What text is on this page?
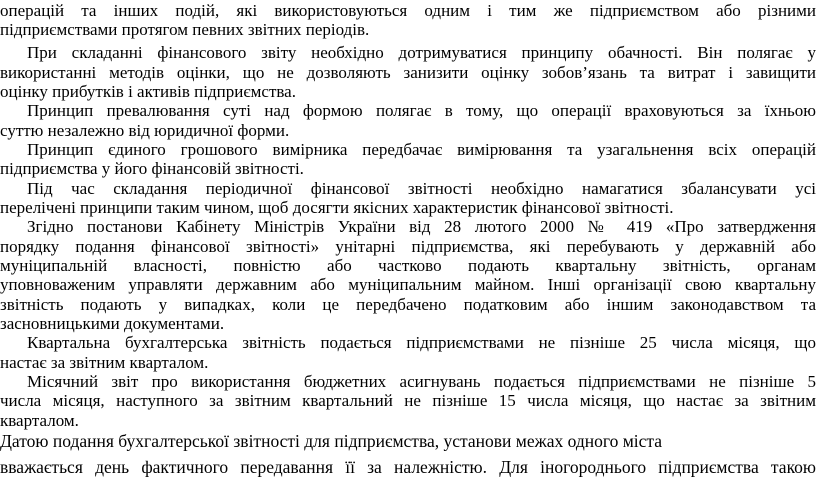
операцій та інших подій, які використовуються одним і тим же підприємством або різними
підприємствами протягом певних звітних періодів.
При складанні фінансового звіту необхідно дотримуватися принципу обачності. Він полягає у
використанні методів оцінки, що не дозволяють занизити оцінку зобов’язань та витрат і завищити
оцінку прибутків і активів підприємства.
Принцип превалювання суті над формою полягає в тому, що операції враховуються за їхньою
суттю незалежно від юридичної форми.
Принцип єдиного грошового вимірника передбачає вимірювання та узагальнення всіх операцій
підприємства у його фінансовій звітності.
Під час складання періодичної фінансової звітності необхідно намагатися збалансувати усі
перелічені принципи таким чином, щоб досягти якісних характеристик фінансової звітності.
Згідно постанови Кабінету Міністрів України від 28 лютого 2000 № 419 «Про затвердження
порядку подання фінансової звітності» унітарні підприємства, які перебувають у державній або
муніципальній власності, повністю або частково подають квартальну звітність, органам
уповноваженим управляти державним або муніципальним майном. Інші організації свою квартальну
звітність подають у випадках, коли це передбачено податковим або іншим законодавством та
засновницькими документами.
Квартальна бухгалтерська звітність подається підприємствами не пізніше 25 числа місяця, що
настає за звітним кварталом.
Місячний звіт про використання бюджетних асигнувань подається підприємствами не пізніше 5
числа місяця, наступного за звітним квартальний не пізніше 15 числа місяця, що настає за звітним
кварталом.
Датою подання бухгалтерської звітності для підприємства, установи межах одного міста
вважається день фактичного передавання її за належністю. Для іногороднього підприємства такою
